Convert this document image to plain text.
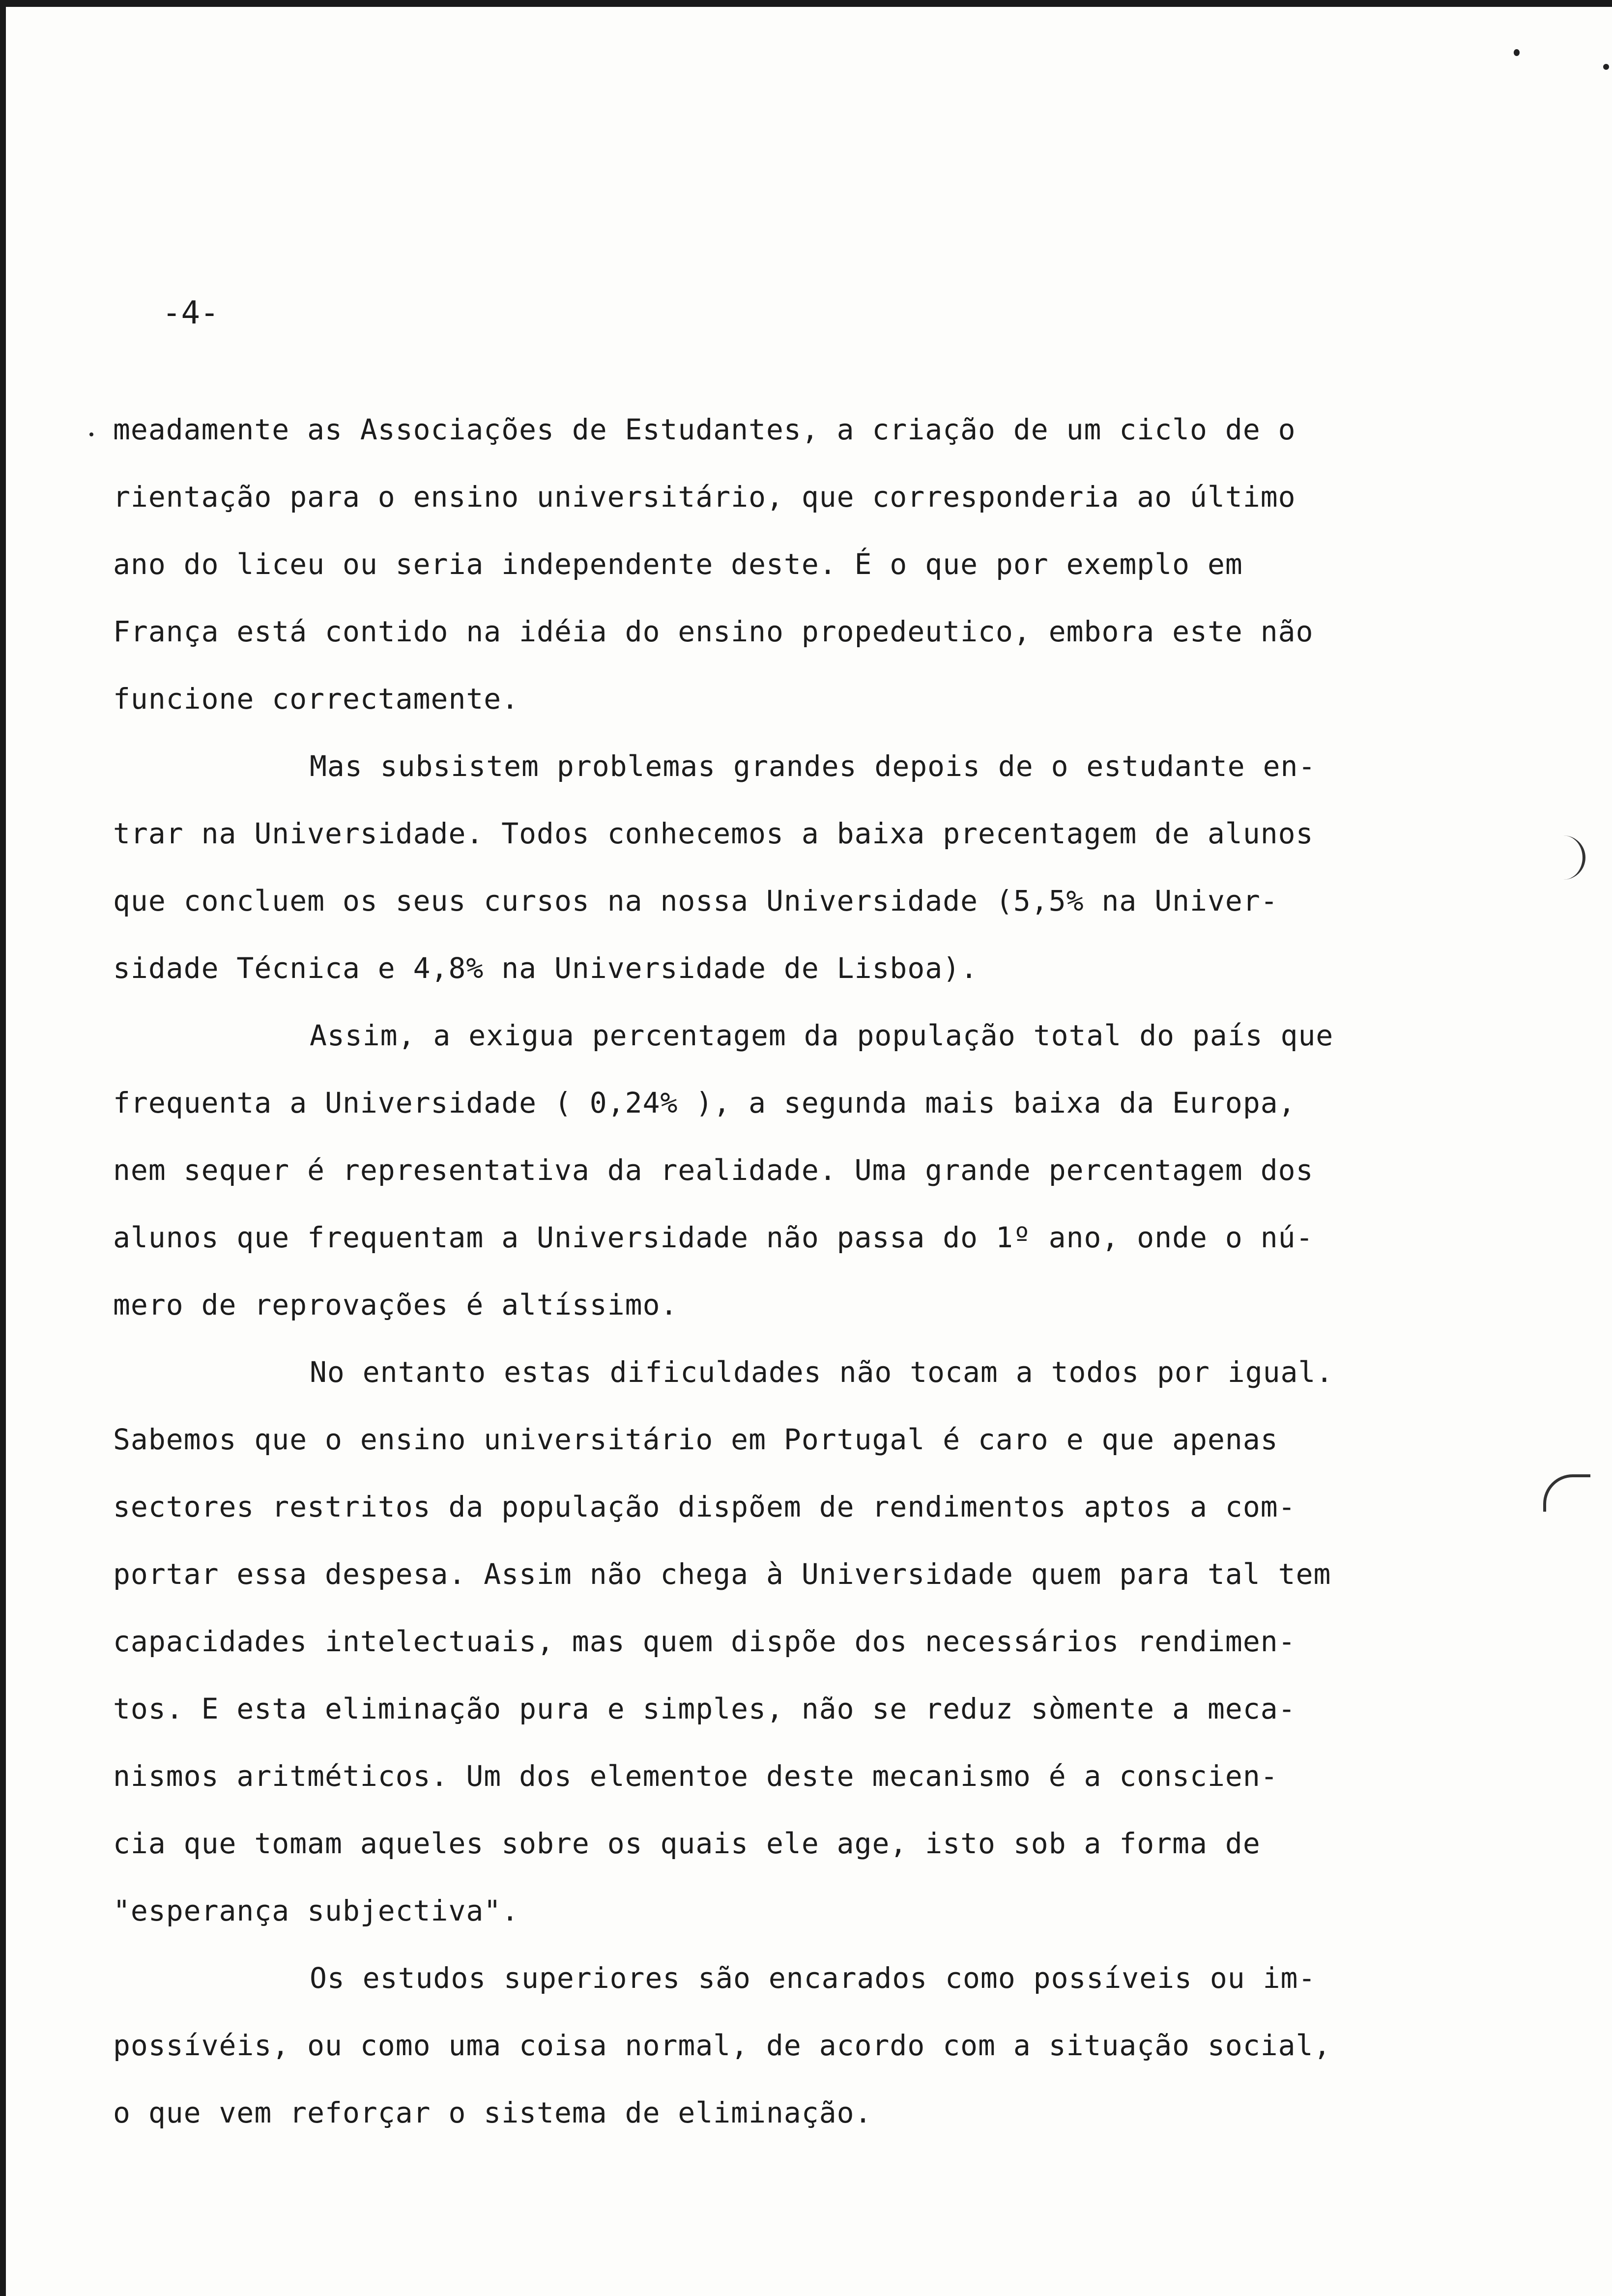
-4-

meadamente as Associações de Estudantes, a criação de um ciclo de o
rientação para o ensino universitário, que corresponderia ao último
ano do liceu ou seria independente deste. É o que por exemplo em
França está contido na idéia do ensino propedeutico, embora este não
funcione correctamente.
Mas subsistem problemas grandes depois de o estudante en-
trar na Universidade. Todos conhecemos a baixa precentagem de alunos
que concluem os seus cursos na nossa Universidade (5,5% na Univer-
sidade Técnica e 4,8% na Universidade de Lisboa).
Assim, a exigua percentagem da população total do país que
frequenta a Universidade ( 0,24% ), a segunda mais baixa da Europa,
nem sequer é representativa da realidade. Uma grande percentagem dos
alunos que frequentam a Universidade não passa do 1º ano, onde o nú-
mero de reprovações é altíssimo.
No entanto estas dificuldades não tocam a todos por igual.
Sabemos que o ensino universitário em Portugal é caro e que apenas
sectores restritos da população dispõem de rendimentos aptos a com-
portar essa despesa. Assim não chega à Universidade quem para tal tem
capacidades intelectuais, mas quem dispõe dos necessários rendimen-
tos. E esta eliminação pura e simples, não se reduz sòmente a meca-
nismos aritméticos. Um dos elementoe deste mecanismo é a conscien-
cia que tomam aqueles sobre os quais ele age, isto sob a forma de
"esperança subjectiva".
Os estudos superiores são encarados como possíveis ou im-
possívéis, ou como uma coisa normal, de acordo com a situação social,
o que vem reforçar o sistema de eliminação.
